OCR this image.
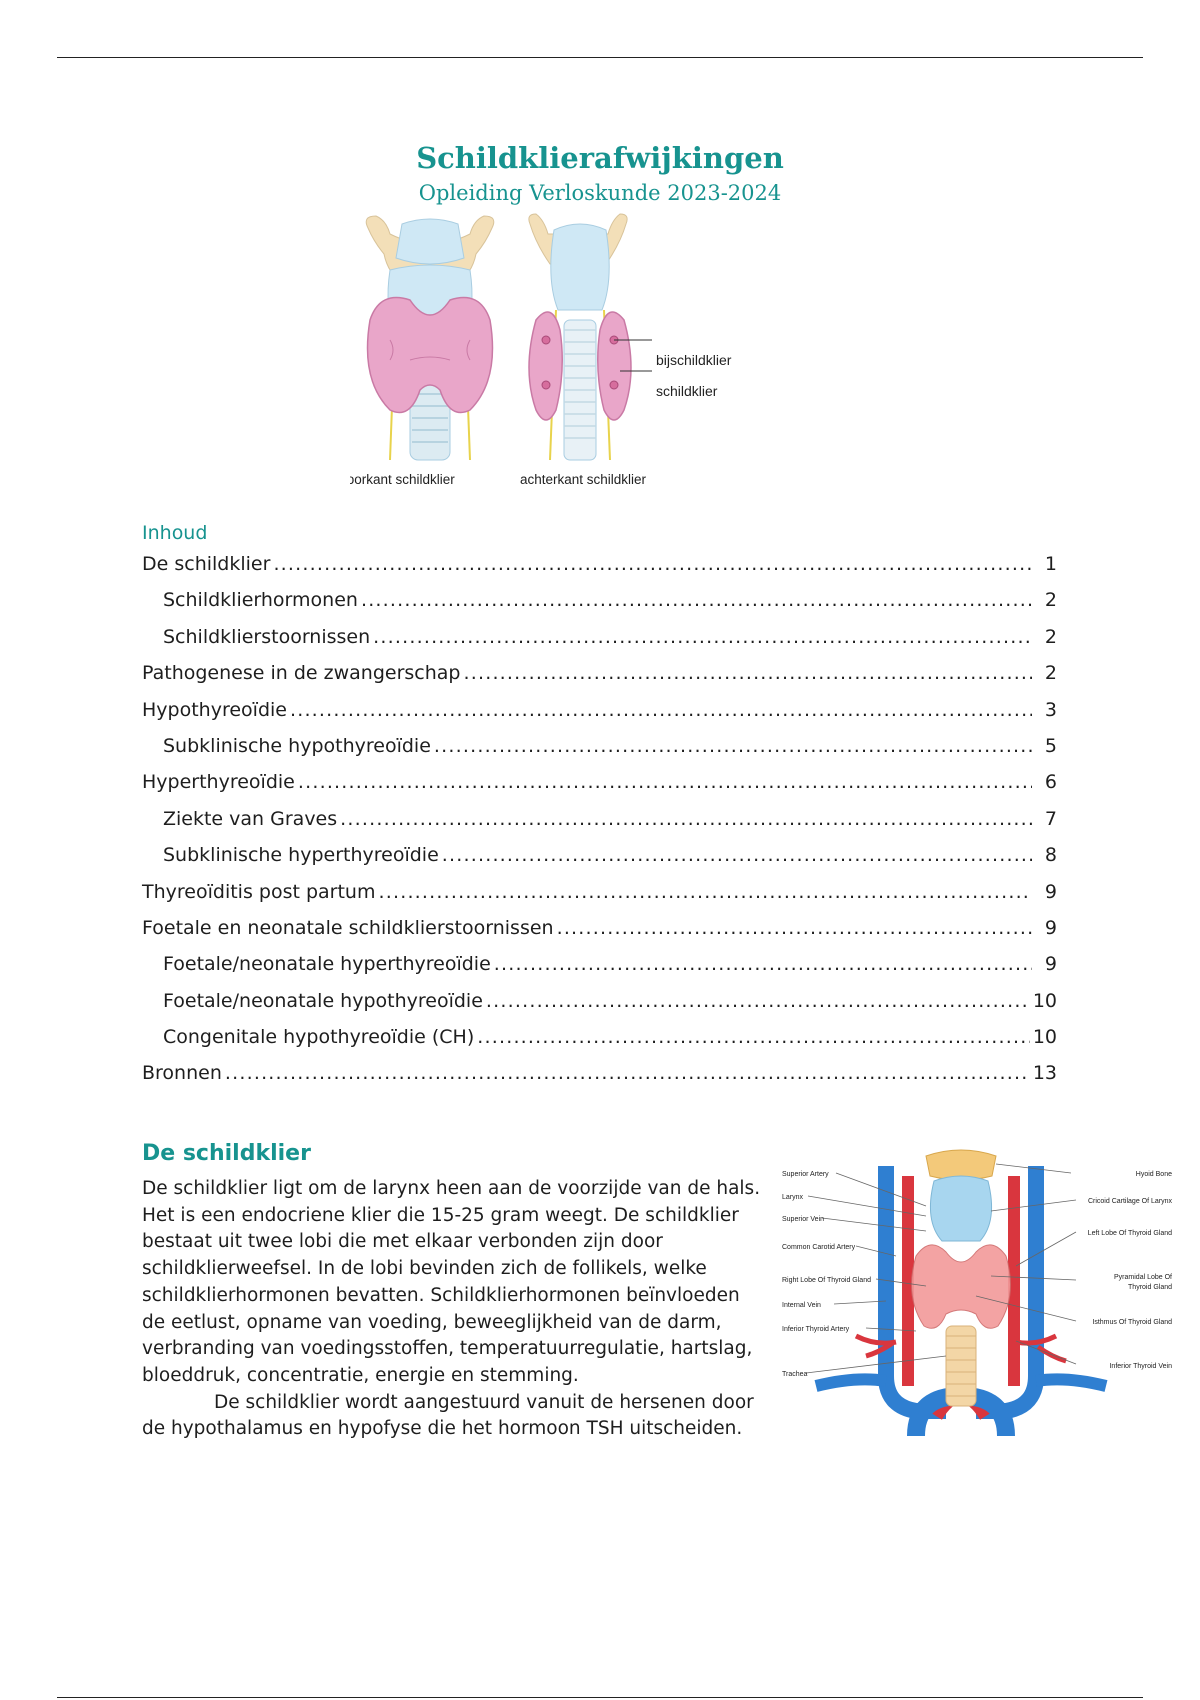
Schildklierafwijkingen
Opleiding Verloskunde 2023-2024
bijschildklier
schildklier
voorkant schildklier	achterkant schildklier
Inhoud
De schildklier .....	1
Schildklierhormonen .....	2
Schildklierstoornissen .....	2
Pathogenese in de zwangerschap .....	2
Hypothyreoïdie .....	3
Subklinische hypothyreoïdie .....	5
Hyperthyreoïdie .....	6
Ziekte van Graves .....	7
Subklinische hyperthyreoïdie .....	8
Thyreoïditis post partum .....	9
Foetale en neonatale schildklierstoornissen .....	9
Foetale/neonatale hyperthyreoïdie .....	9
Foetale/neonatale hypothyreoïdie .....	10
Congenitale hypothyreoïdie (CH) .....	10
Bronnen .....	13
De schildklier

De schildklier ligt om de larynx heen aan de voorzijde van de hals. Het is een endocriene klier die 15-25 gram weegt. De schildklier bestaat uit twee lobi die met elkaar verbonden zijn door schildklierweefsel. In de lobi bevinden zich de follikels, welke schildklierhormonen bevatten. Schildklierhormonen beïnvloeden de eetlust, opname van voeding, beweeglijkheid van de darm, verbranding van voedingsstoffen, temperatuurregulatie, hartslag, bloeddruk, concentratie, energie en stemming.
De schildklier wordt aangestuurd vanuit de hersenen door de hypothalamus en hypofyse die het hormoon TSH uitscheiden.

Superior Artery
Larynx
Superior Vein
Common Carotid Artery
Right Lobe Of Thyroid Gland
Internal Vein
Inferior Thyroid Artery
Trachea
Hyoid Bone
Cricoid Cartilage Of Larynx
Left Lobe Of Thyroid Gland
Pyramidal Lobe Of
Thyroid Gland
Isthmus Of Thyroid Gland
Inferior Thyroid Vein
